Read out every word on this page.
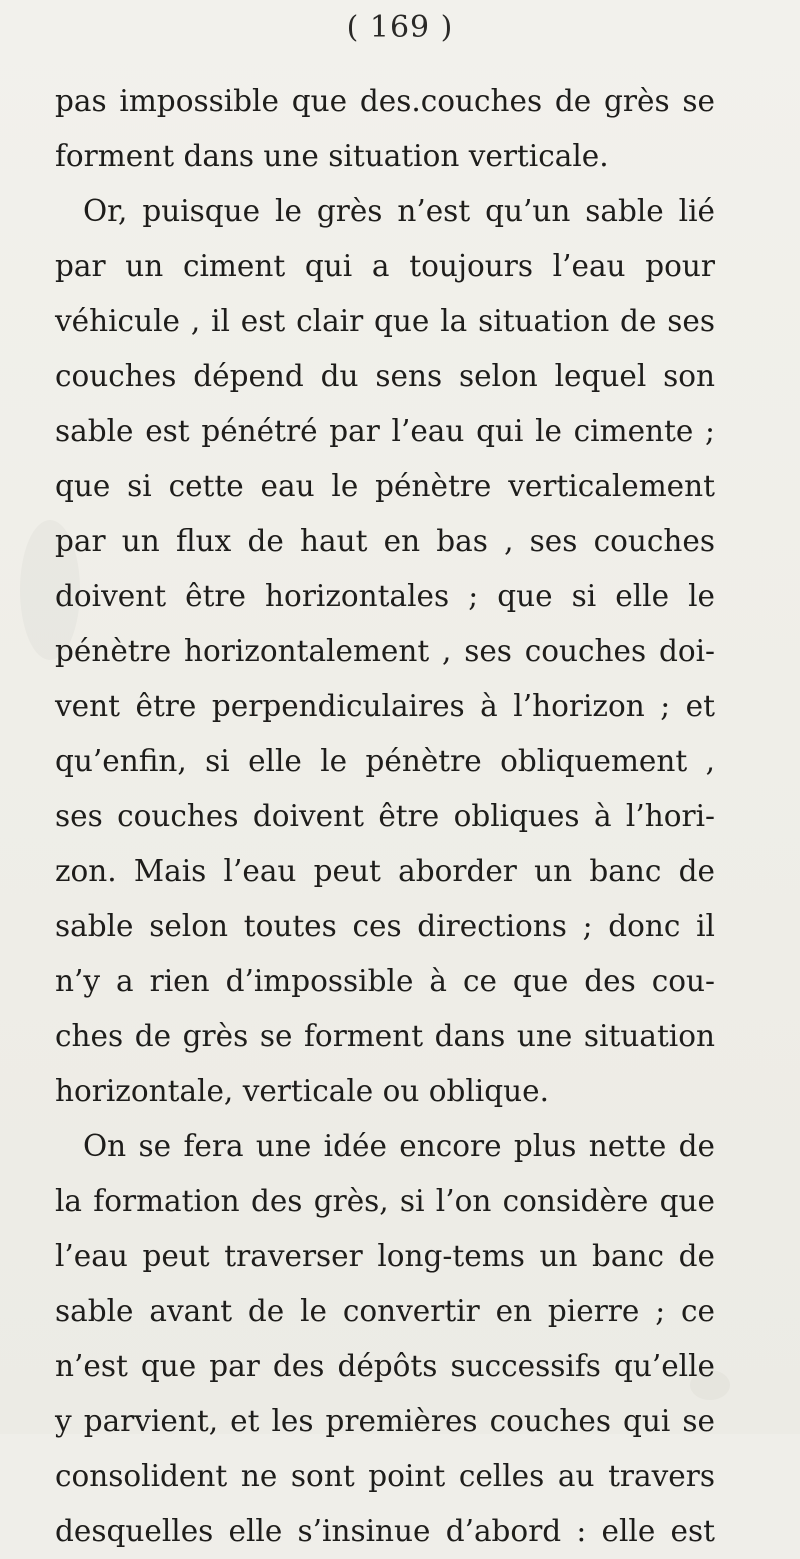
( 169 )
pas impossible que des.couches de grès se
forment dans une situation verticale.
Or, puisque le grès n’est qu’un sable lié
par un ciment qui a toujours l’eau pour
véhicule , il est clair que la situation de ses
couches dépend du sens selon lequel son
sable est pénétré par l’eau qui le cimente ;
que si cette eau le pénètre verticalement
par un flux de haut en bas , ses couches
doivent être horizontales ; que si elle le
pénètre horizontalement , ses couches doi-
vent être perpendiculaires à l’horizon ; et
qu’enfin, si elle le pénètre obliquement ,
ses couches doivent être obliques à l’hori-
zon. Mais l’eau peut aborder un banc de
sable selon toutes ces directions ; donc il
n’y a rien d’impossible à ce que des cou-
ches de grès se forment dans une situation
horizontale, verticale ou oblique.
On se fera une idée encore plus nette de
la formation des grès, si l’on considère que
l’eau peut traverser long-tems un banc de
sable avant de le convertir en pierre ; ce
n’est que par des dépôts successifs qu’elle
y parvient, et les premières couches qui se
consolident ne sont point celles au travers
desquelles elle s’insinue d’abord : elle est
